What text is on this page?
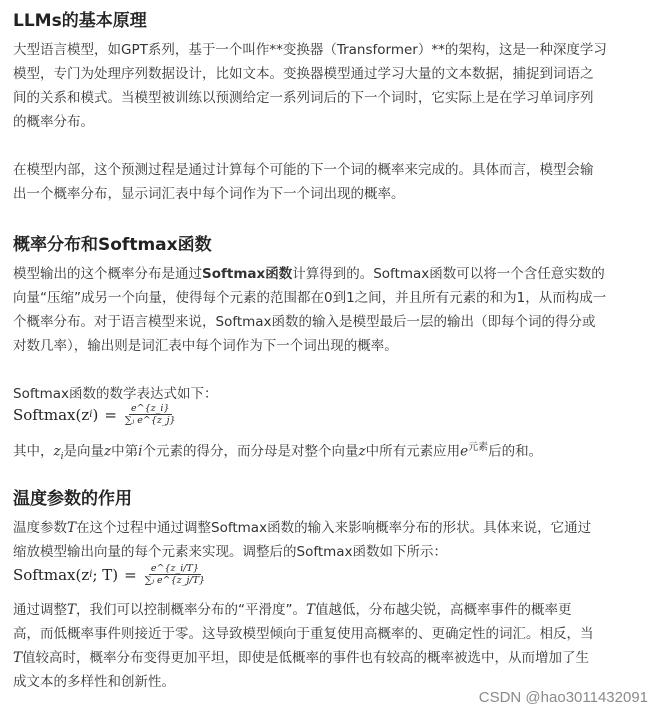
LLMs的基本原理
大型语言模型，如GPT系列，基于一个叫作**变换器（Transformer）**的架构，这是一种深度学习
模型，专门为处理序列数据设计，比如文本。变换器模型通过学习大量的文本数据，捕捉到词语之
间的关系和模式。当模型被训练以预测给定一系列词后的下一个词时，它实际上是在学习单词序列
的概率分布。
在模型内部，这个预测过程是通过计算每个可能的下一个词的概率来完成的。具体而言，模型会输
出一个概率分布，显示词汇表中每个词作为下一个词出现的概率。
概率分布和Softmax函数
模型输出的这个概率分布是通过Softmax函数计算得到的。Softmax函数可以将一个含任意实数的
向量“压缩”成另一个向量，使得每个元素的范围都在0到1之间，并且所有元素的和为1，从而构成一
个概率分布。对于语言模型来说，Softmax函数的输入是模型最后一层的输出（即每个词的得分或
对数几率），输出则是词汇表中每个词作为下一个词出现的概率。
Softmax函数的数学表达式如下：
Softmax (z i ) = $\frac{e\^{}\{z\_i\}}{\text{∑ⱼ e\textasciicircum{}\{z\_j\}}}$
其中，$z_i$是向量z中第i个元素的得分，而分母是对整个向量z中所有元素应用$e^{元素}$后的和。
温度参数的作用
温度参数T在这个过程中通过调整Softmax函数的输入来影响概率分布的形状。具体来说，它通过
缩放模型输出向量的每个元素来实现。调整后的Softmax函数如下所示：
Softmax (z i ; $T) = \frac{e\^{}\{z\_i/T\}}{\text{∑ⱼ e\textasciicircum{}\{z\_j/T\}}}$
通过调整T，我们可以控制概率分布的“平滑度”。T值越低，分布越尖锐，高概率事件的概率更
高，而低概率事件则接近于零。这导致模型倾向于重复使用高概率的、更确定性的词汇。相反，当
T值较高时，概率分布变得更加平坦，即使是低概率的事件也有较高的概率被选中，从而增加了生
成文本的多样性和创新性。
CSDN @hao3011432091
